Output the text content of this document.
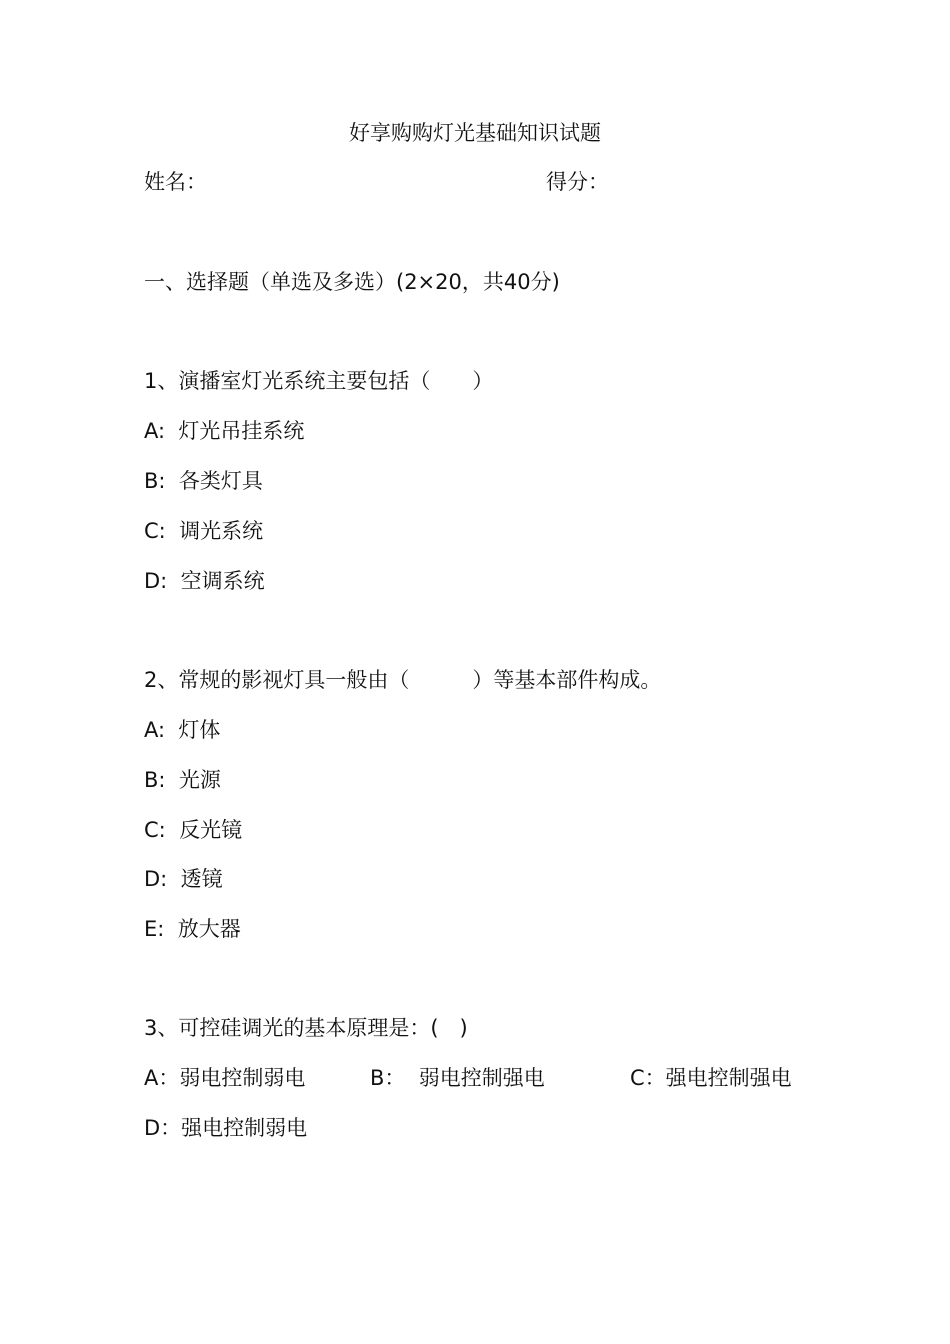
好享购购灯光基础知识试题
姓名：	得分：
一、选择题（单选及多选）(2×20，共40分)
1、演播室灯光系统主要包括（　　）
A:  灯光吊挂系统
B:  各类灯具
C:  调光系统
D:  空调系统
2、常规的影视灯具一般由（　　　）等基本部件构成。
A:  灯体
B:  光源
C:  反光镜
D:  透镜
E:  放大器
3、可控硅调光的基本原理是：(　)
A：弱电控制弱电	B：  弱电控制强电	C：强电控制强电
D：强电控制弱电
